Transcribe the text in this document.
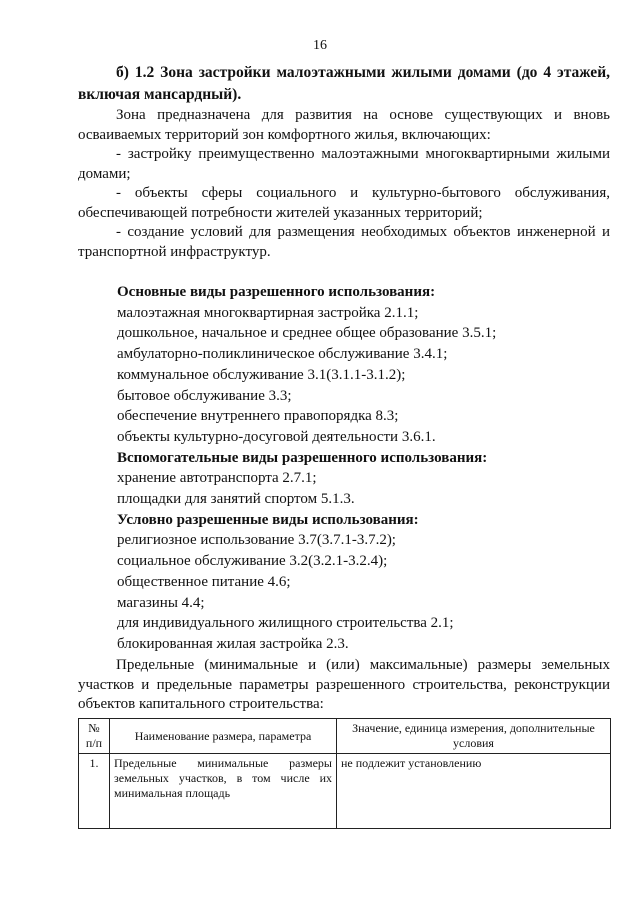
16
б) 1.2 Зона застройки малоэтажными жилыми домами (до 4 этажей, включая мансардный).

Зона предназначена для развития на основе существующих и вновь осваиваемых территорий зон комфортного жилья, включающих:

- застройку преимущественно малоэтажными многоквартирными жилыми домами;

- объекты сферы социального и культурно-бытового обслуживания, обеспечивающей потребности жителей указанных территорий;

- создание условий для размещения необходимых объектов инженерной и транспортной инфраструктур.

Основные виды разрешенного использования:
малоэтажная многоквартирная застройка 2.1.1;
дошкольное, начальное и среднее общее образование 3.5.1;
амбулаторно-поликлиническое обслуживание 3.4.1;
коммунальное обслуживание 3.1(3.1.1-3.1.2);
бытовое обслуживание 3.3;
обеспечение внутреннего правопорядка 8.3;
объекты культурно-досуговой деятельности 3.6.1.
Вспомогательные виды разрешенного использования:
хранение автотранспорта 2.7.1;
площадки для занятий спортом 5.1.3.
Условно разрешенные виды использования:
религиозное использование 3.7(3.7.1-3.7.2);
социальное обслуживание 3.2(3.2.1-3.2.4);
общественное питание 4.6;
магазины 4.4;
для индивидуального жилищного строительства 2.1;
блокированная жилая застройка 2.3.

Предельные (минимальные и (или) максимальные) размеры земельных участков и предельные параметры разрешенного строительства, реконструкции объектов капитального строительства:

№ п/п	Наименование размера, параметра	Значение, единица измерения, дополнительные условия
1.	Предельные минимальные размеры
земельных участков, в том числе их
минимальная площадь	не подлежит установлению
